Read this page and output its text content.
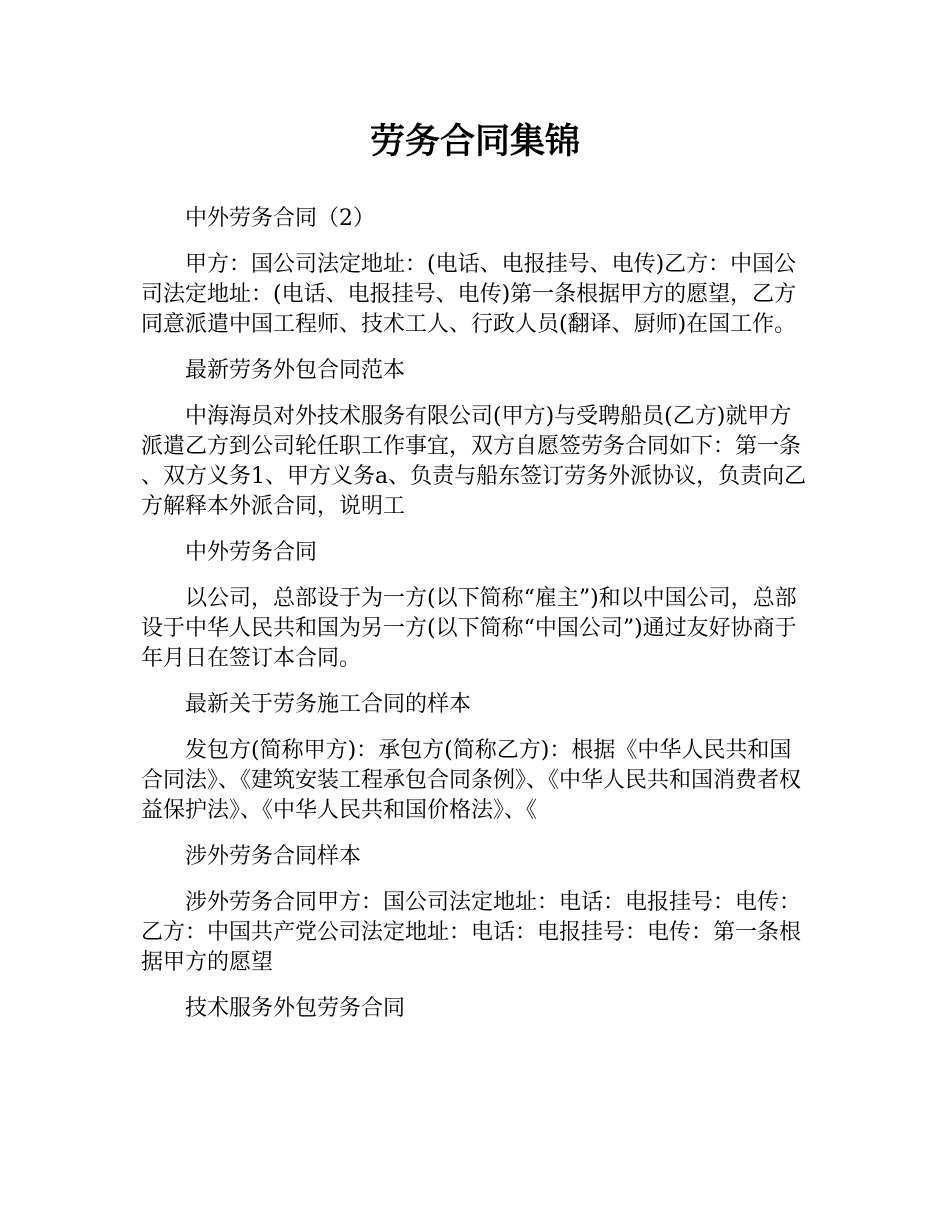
劳务合同集锦

中外劳务合同（2）

甲方：国公司法定地址：(电话、电报挂号、电传)乙方：中国公司法定地址：(电话、电报挂号、电传)第一条根据甲方的愿望，乙方同意派遣中国工程师、技术工人、行政人员(翻译、厨师)在国工作。

最新劳务外包合同范本

中海海员对外技术服务有限公司(甲方)与受聘船员(乙方)就甲方派遣乙方到公司轮任职工作事宜，双方自愿签劳务合同如下：第一条、双方义务1、甲方义务a、负责与船东签订劳务外派协议，负责向乙方解释本外派合同，说明工

中外劳务合同

以公司，总部设于为一方(以下简称“雇主”)和以中国公司，总部设于中华人民共和国为另一方(以下简称“中国公司”)通过友好协商于年月日在签订本合同。

最新关于劳务施工合同的样本

发包方(简称甲方)：承包方(简称乙方)：根据《中华人民共和国合同法》、《建筑安装工程承包合同条例》、《中华人民共和国消费者权益保护法》、《中华人民共和国价格法》、《

涉外劳务合同样本

涉外劳务合同甲方：国公司法定地址：电话：电报挂号：电传：乙方：中国共产党公司法定地址：电话：电报挂号：电传：第一条根据甲方的愿望

技术服务外包劳务合同
